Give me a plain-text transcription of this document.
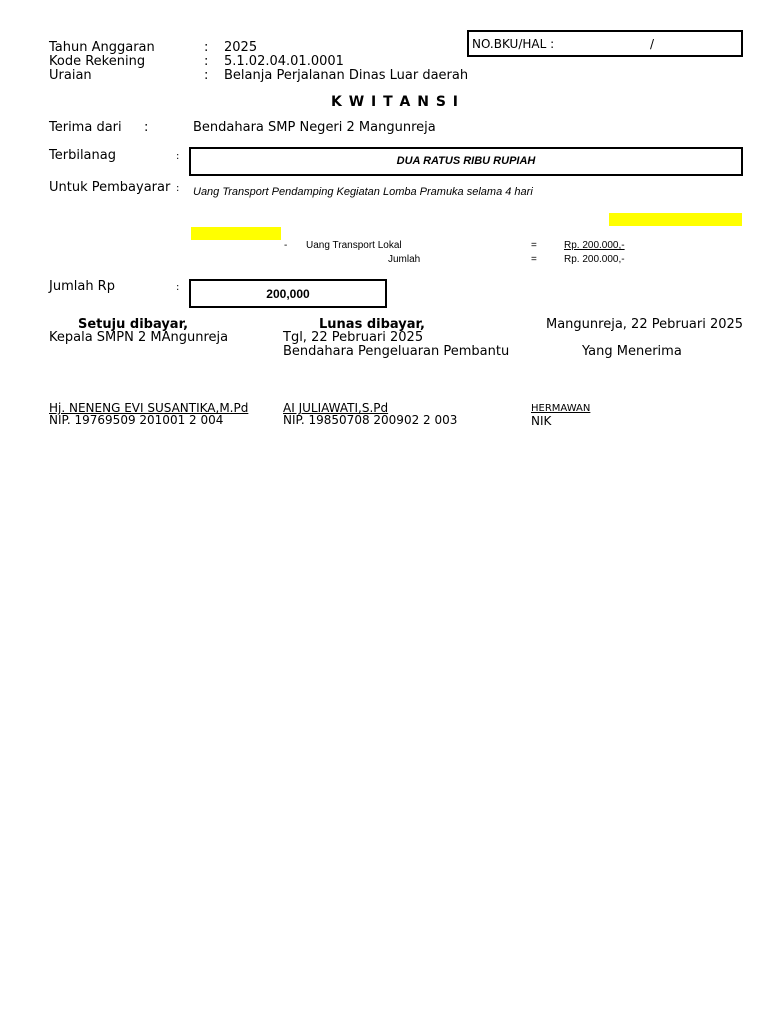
Tahun Anggaran	: 2025
Kode Rekening	: 5.1.02.04.01.0001
Uraian	: Belanja Perjalanan Dinas Luar daerah
NO.BKU/HAL :	/
K W I T A N S I
Terima dari :	Bendahara SMP Negeri 2 Mangunreja
Terbilanag	:	DUA RATUS RIBU RUPIAH
Untuk Pembayarar : Uang Transport Pendamping Kegiatan Lomba Pramuka selama 4 hari
- Uang Transport Lokal	=	Rp. 200.000,-
Jumlah	=	Rp. 200.000,-
Jumlah Rp	:	200,000
Setuju dibayar,
Kepala SMPN 2 MAngunreja
Lunas dibayar,
Tgl, 22 Pebruari 2025
Bendahara Pengeluaran Pembantu
Mangunreja, 22 Pebruari 2025
Yang Menerima
Hj. NENENG EVI SUSANTIKA,M.Pd
NIP. 19769509 201001 2 004
AI JULIAWATI,S.Pd
NIP. 19850708 200902 2 003
HERMAWAN
NIK
